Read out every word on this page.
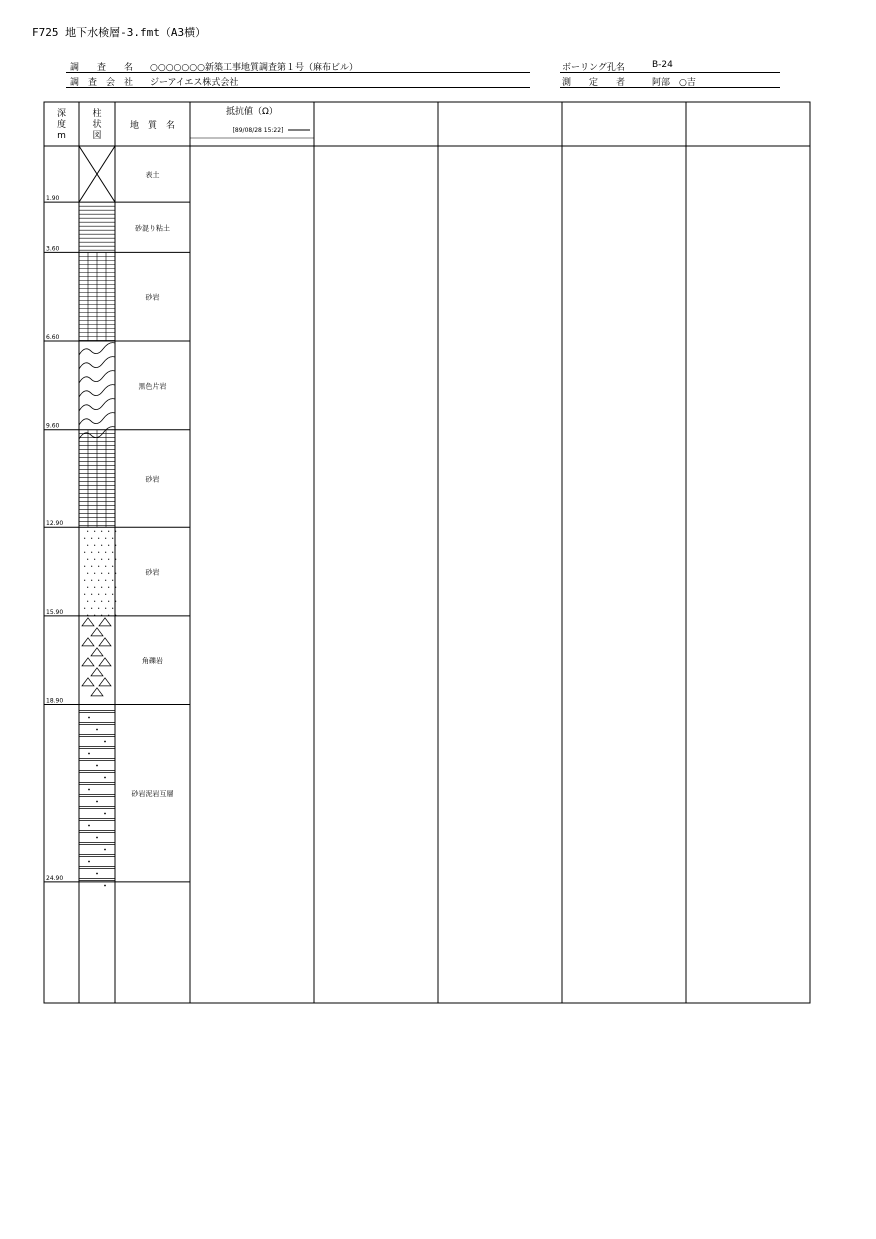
F725 地下水検層-3.fmt（A3横）
調　　査　　名 ○○○○○○○新築工事地質調査第１号（麻布ビル）
調　査　会　社 ジーアイエス株式会社
ボーリング孔名	B-24
測　　定　　者	阿部　○吉
深
度
m
柱
状
図
地　質　名
1.90
表土
3.60
砂混り粘土
6.60
砂岩
9.60
黒色片岩
12.90
砂岩
15.90
砂岩
18.90
角礫岩
24.90
砂岩泥岩互層
抵抗値（Ω）
[89/08/28 15:22]
